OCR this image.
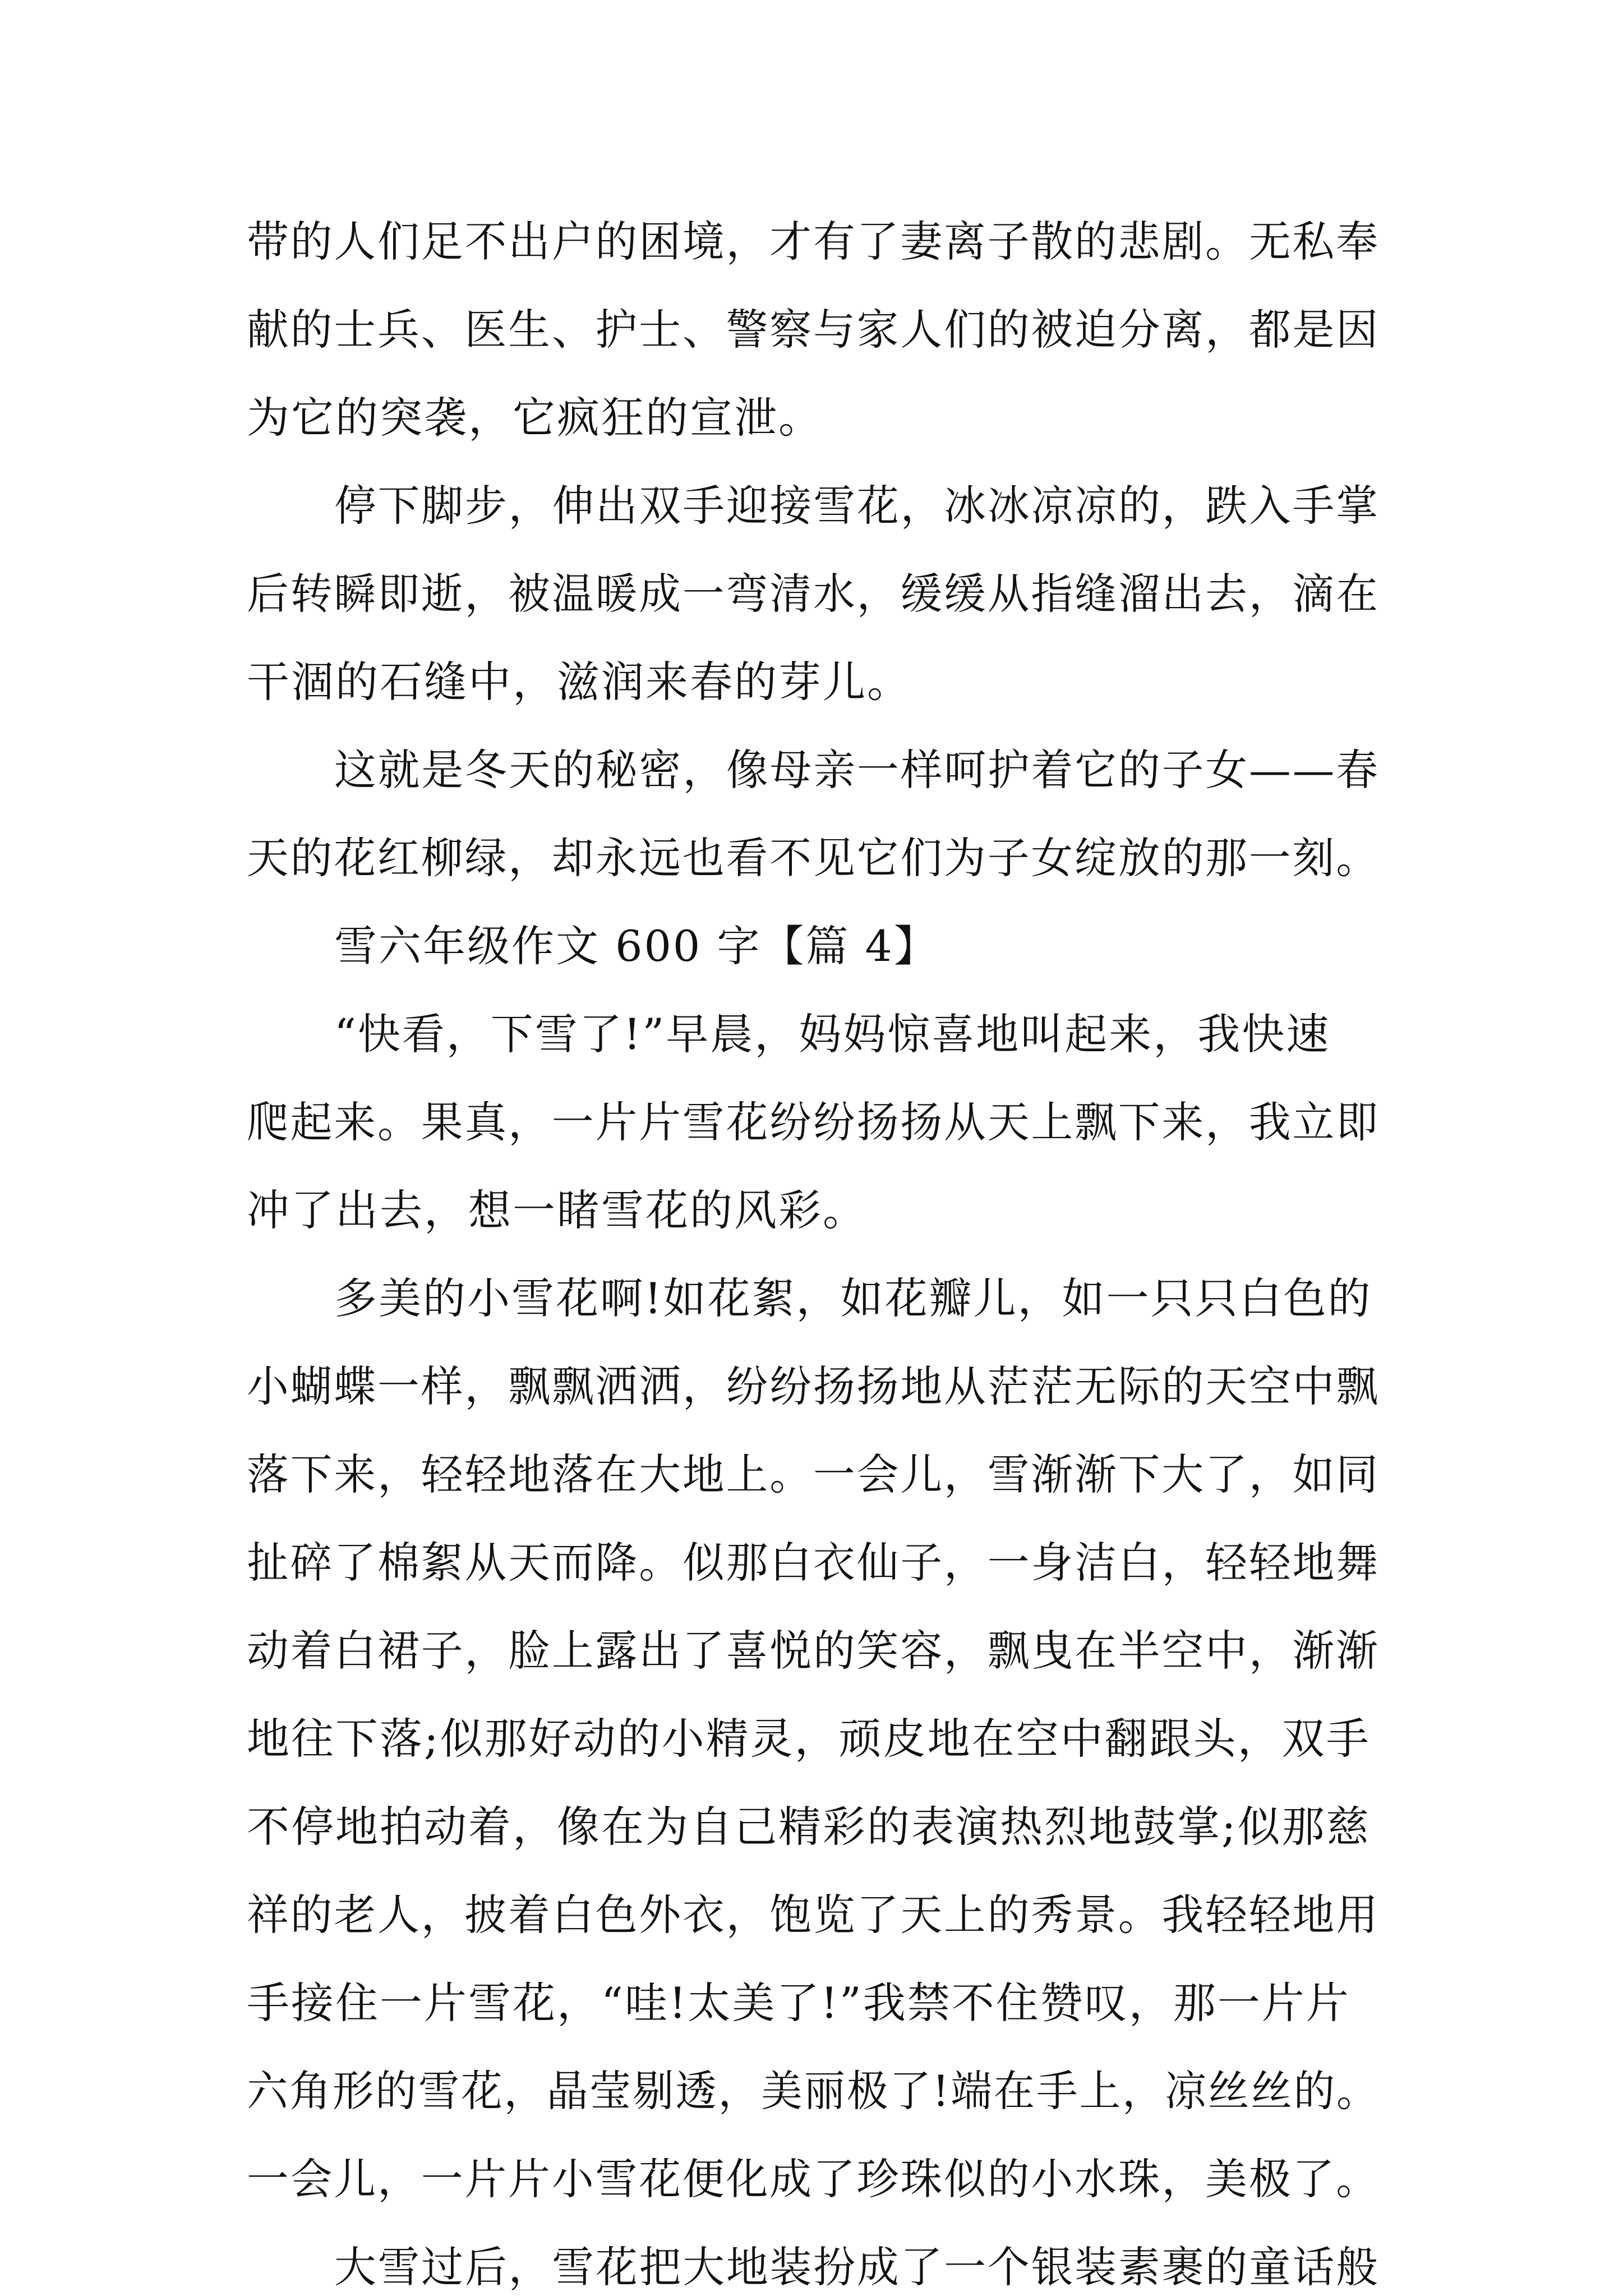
带的人们足不出户的困境，才有了妻离子散的悲剧。无私奉
献的士兵、医生、护士、警察与家人们的被迫分离，都是因
为它的突袭，它疯狂的宣泄。
停下脚步，伸出双手迎接雪花，冰冰凉凉的，跌入手掌
后转瞬即逝，被温暖成一弯清水，缓缓从指缝溜出去，滴在
干涸的石缝中，滋润来春的芽儿。
这就是冬天的秘密，像母亲一样呵护着它的子女——春
天的花红柳绿，却永远也看不见它们为子女绽放的那一刻。
雪六年级作文 600 字【篇 4】
“快看，下雪了!”早晨，妈妈惊喜地叫起来，我快速
爬起来。果真，一片片雪花纷纷扬扬从天上飘下来，我立即
冲了出去，想一睹雪花的风彩。
多美的小雪花啊!如花絮，如花瓣儿，如一只只白色的
小蝴蝶一样，飘飘洒洒，纷纷扬扬地从茫茫无际的天空中飘
落下来，轻轻地落在大地上。一会儿，雪渐渐下大了，如同
扯碎了棉絮从天而降。似那白衣仙子，一身洁白，轻轻地舞
动着白裙子，脸上露出了喜悦的笑容，飘曳在半空中，渐渐
地往下落;似那好动的小精灵，顽皮地在空中翻跟头，双手
不停地拍动着，像在为自己精彩的表演热烈地鼓掌;似那慈
祥的老人，披着白色外衣，饱览了天上的秀景。我轻轻地用
手接住一片雪花，“哇!太美了!”我禁不住赞叹，那一片片
六角形的雪花，晶莹剔透，美丽极了!端在手上，凉丝丝的。
一会儿，一片片小雪花便化成了珍珠似的小水珠，美极了。
大雪过后，雪花把大地装扮成了一个银装素裹的童话般
